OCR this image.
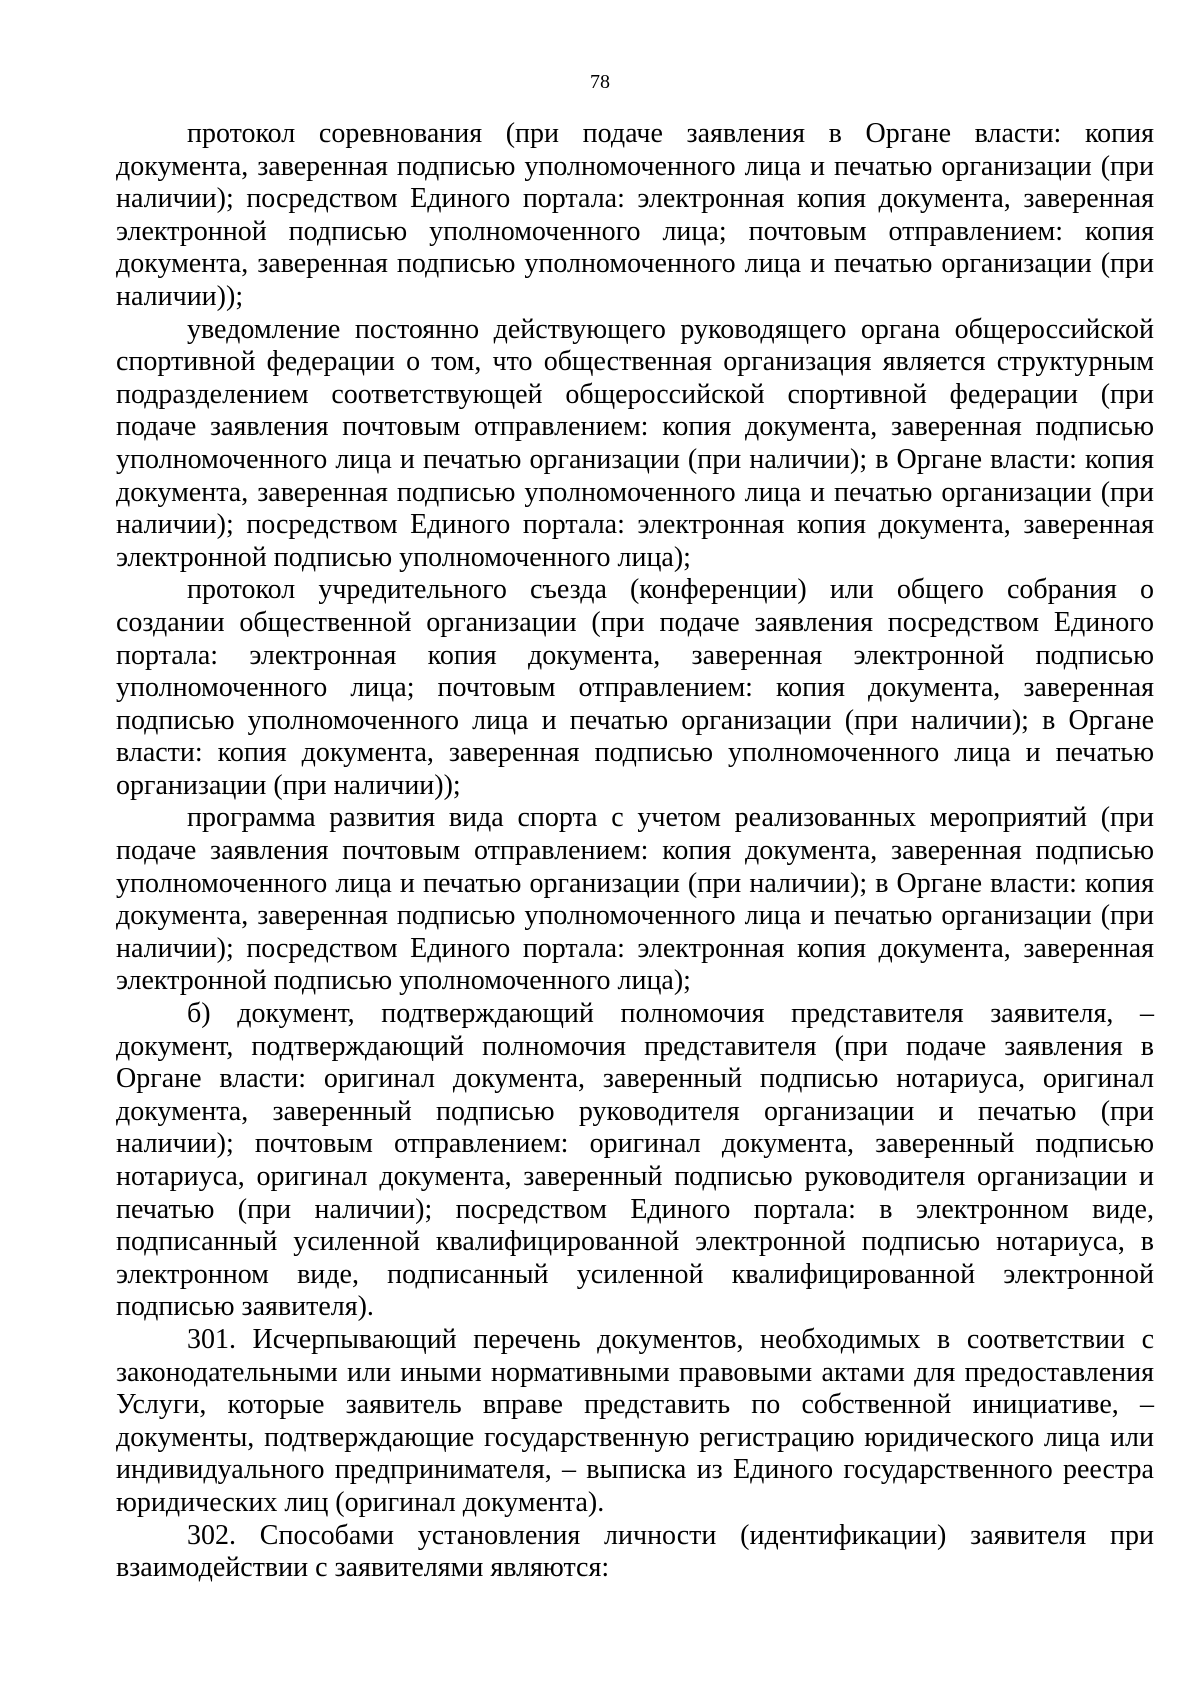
78

протокол соревнования (при подаче заявления в Органе власти: копия документа, заверенная подписью уполномоченного лица и печатью организации (при наличии); посредством Единого портала: электронная копия документа, заверенная электронной подписью уполномоченного лица; почтовым отправлением: копия документа, заверенная подписью уполномоченного лица и печатью организации (при наличии));

уведомление постоянно действующего руководящего органа общероссийской спортивной федерации о том, что общественная организация является структурным подразделением соответствующей общероссийской спортивной федерации (при подаче заявления почтовым отправлением: копия документа, заверенная подписью уполномоченного лица и печатью организации (при наличии); в Органе власти: копия документа, заверенная подписью уполномоченного лица и печатью организации (при наличии); посредством Единого портала: электронная копия документа, заверенная электронной подписью уполномоченного лица);

протокол учредительного съезда (конференции) или общего собрания о создании общественной организации (при подаче заявления посредством Единого портала: электронная копия документа, заверенная электронной подписью уполномоченного лица; почтовым отправлением: копия документа, заверенная подписью уполномоченного лица и печатью организации (при наличии); в Органе власти: копия документа, заверенная подписью уполномоченного лица и печатью организации (при наличии));

программа развития вида спорта с учетом реализованных мероприятий (при подаче заявления почтовым отправлением: копия документа, заверенная подписью уполномоченного лица и печатью организации (при наличии); в Органе власти: копия документа, заверенная подписью уполномоченного лица и печатью организации (при наличии); посредством Единого портала: электронная копия документа, заверенная электронной подписью уполномоченного лица);

б) документ, подтверждающий полномочия представителя заявителя, – документ, подтверждающий полномочия представителя (при подаче заявления в Органе власти: оригинал документа, заверенный подписью нотариуса, оригинал документа, заверенный подписью руководителя организации и печатью (при наличии); почтовым отправлением: оригинал документа, заверенный подписью нотариуса, оригинал документа, заверенный подписью руководителя организации и печатью (при наличии); посредством Единого портала: в электронном виде, подписанный усиленной квалифицированной электронной подписью нотариуса, в электронном виде, подписанный усиленной квалифицированной электронной подписью заявителя).

301. Исчерпывающий перечень документов, необходимых в соответствии с законодательными или иными нормативными правовыми актами для предоставления Услуги, которые заявитель вправе представить по собственной инициативе, – документы, подтверждающие государственную регистрацию юридического лица или индивидуального предпринимателя, – выписка из Единого государственного реестра юридических лиц (оригинал документа).

302. Способами установления личности (идентификации) заявителя при взаимодействии с заявителями являются:
